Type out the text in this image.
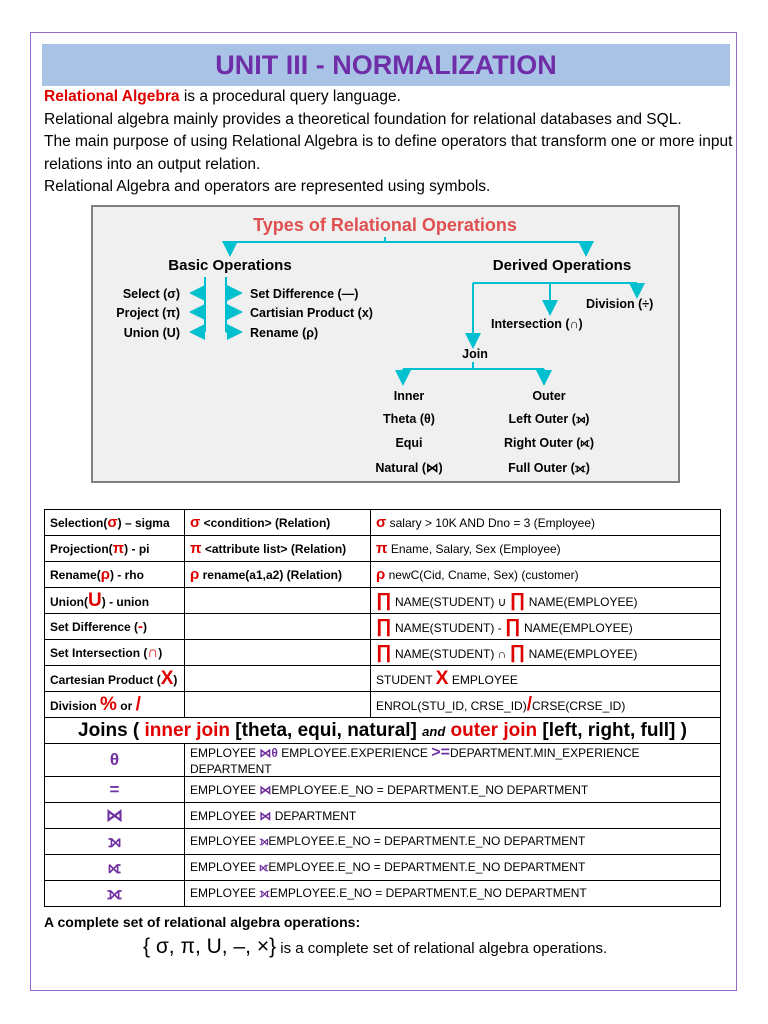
UNIT III - NORMALIZATION
Relational Algebra is a procedural query language.
Relational algebra mainly provides a theoretical foundation for relational databases and SQL.
The main purpose of using Relational Algebra is to define operators that transform one or more input relations into an output relation.
Relational Algebra and operators are represented using symbols.
Types of Relational Operations
Basic Operations	Derived Operations
Select (σ)
Project (π)
Union (U)
Set Difference (—)
Cartisian Product (x)
Rename (ρ)
Division (÷)
Intersection (∩)
Join
Inner	Outer
Theta (θ)
Equi
Natural (⋈)
Left Outer (⟕)
Right Outer (⟖)
Full Outer (⟗)
Selection(σ) – sigma	σ <condition> (Relation)	σ salary > 10K AND Dno = 3 (Employee)
Projection(π) - pi	π <attribute list> (Relation)	π Ename, Salary, Sex (Employee)
Rename(ρ) - rho	ρ rename(a1,a2) (Relation)	ρ newC(Cid, Cname, Sex) (customer)
Union(U) - union		∏ NAME(STUDENT) ∪ ∏ NAME(EMPLOYEE)
Set Difference (-)		∏ NAME(STUDENT) - ∏ NAME(EMPLOYEE)
Set Intersection (∩)		∏ NAME(STUDENT) ∩ ∏ NAME(EMPLOYEE)
Cartesian Product (X)		STUDENT X EMPLOYEE
Division % or /		ENROL(STU_ID, CRSE_ID)/CRSE(CRSE_ID)
Joins ( inner join [theta, equi, natural] and outer join [left, right, full] )		
θ	EMPLOYEE ⋈θ EMPLOYEE.EXPERIENCE >=DEPARTMENT.MIN_EXPERIENCE DEPARTMENT	
=	EMPLOYEE ⋈EMPLOYEE.E_NO = DEPARTMENT.E_NO DEPARTMENT	
⋈	EMPLOYEE ⋈ DEPARTMENT	
⟕	EMPLOYEE ⟕EMPLOYEE.E_NO = DEPARTMENT.E_NO DEPARTMENT	
⟖	EMPLOYEE ⟖EMPLOYEE.E_NO = DEPARTMENT.E_NO DEPARTMENT	
⟗	EMPLOYEE ⟗EMPLOYEE.E_NO = DEPARTMENT.E_NO DEPARTMENT	
A complete set of relational algebra operations:
{ σ, π, U, –, ×} is a complete set of relational algebra operations.
